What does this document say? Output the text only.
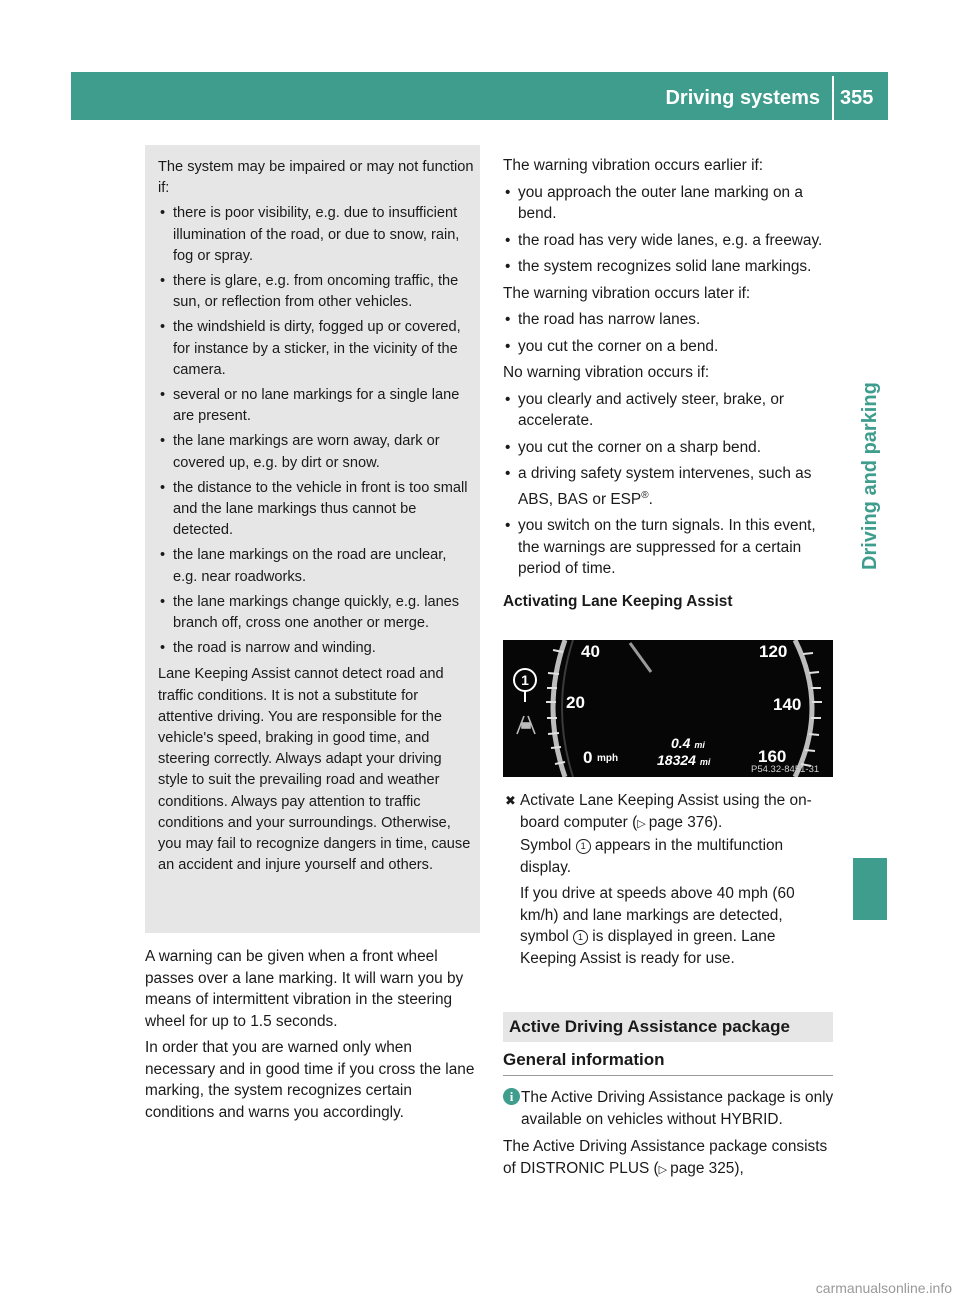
Driving systems 355
Driving and parking

The system may be impaired or may not function if:

• there is poor visibility, e.g. due to insufficient illumination of the road, or due to snow, rain, fog or spray.
• there is glare, e.g. from oncoming traffic, the sun, or reflection from other vehicles.
• the windshield is dirty, fogged up or covered, for instance by a sticker, in the vicinity of the camera.
• several or no lane markings for a single lane are present.
• the lane markings are worn away, dark or covered up, e.g. by dirt or snow.
• the distance to the vehicle in front is too small and the lane markings thus cannot be detected.
• the lane markings on the road are unclear, e.g. near roadworks.
• the lane markings change quickly, e.g. lanes branch off, cross one another or merge.
• the road is narrow and winding.

Lane Keeping Assist cannot detect road and traffic conditions. It is not a substitute for attentive driving. You are responsible for the vehicle's speed, braking in good time, and steering correctly. Always adapt your driving style to suit the prevailing road and weather conditions. Always pay attention to traffic conditions and your surroundings. Otherwise, you may fail to recognize dangers in time, cause an accident and injure yourself and others.

A warning can be given when a front wheel passes over a lane marking. It will warn you by means of intermittent vibration in the steering wheel for up to 1.5 seconds.

In order that you are warned only when necessary and in good time if you cross the lane marking, the system recognizes certain conditions and warns you accordingly.

The warning vibration occurs earlier if:

• you approach the outer lane marking on a bend.
• the road has very wide lanes, e.g. a freeway.
• the system recognizes solid lane markings.

The warning vibration occurs later if:

• the road has narrow lanes.
• you cut the corner on a bend.

No warning vibration occurs if:

• you clearly and actively steer, brake, or accelerate.
• you cut the corner on a sharp bend.
• a driving safety system intervenes, such as ABS, BAS or ESP®.
• you switch on the turn signals. In this event, the warnings are suppressed for a certain period of time.

Activating Lane Keeping Assist

1
40
20
0 mph
120
140
160
0.4 mi
18324 mi
P54.32-8451-31
✖ Activate Lane Keeping Assist using the on-board computer (▷ page 376).

Symbol 1 appears in the multifunction display.

If you drive at speeds above 40 mph (60 km/h) and lane markings are detected, symbol 1 is displayed in green. Lane Keeping Assist is ready for use.

Active Driving Assistance package
General information
i The Active Driving Assistance package is only available on vehicles without HYBRID.
The Active Driving Assistance package consists of DISTRONIC PLUS (▷ page 325),
carmanualsonline.info
